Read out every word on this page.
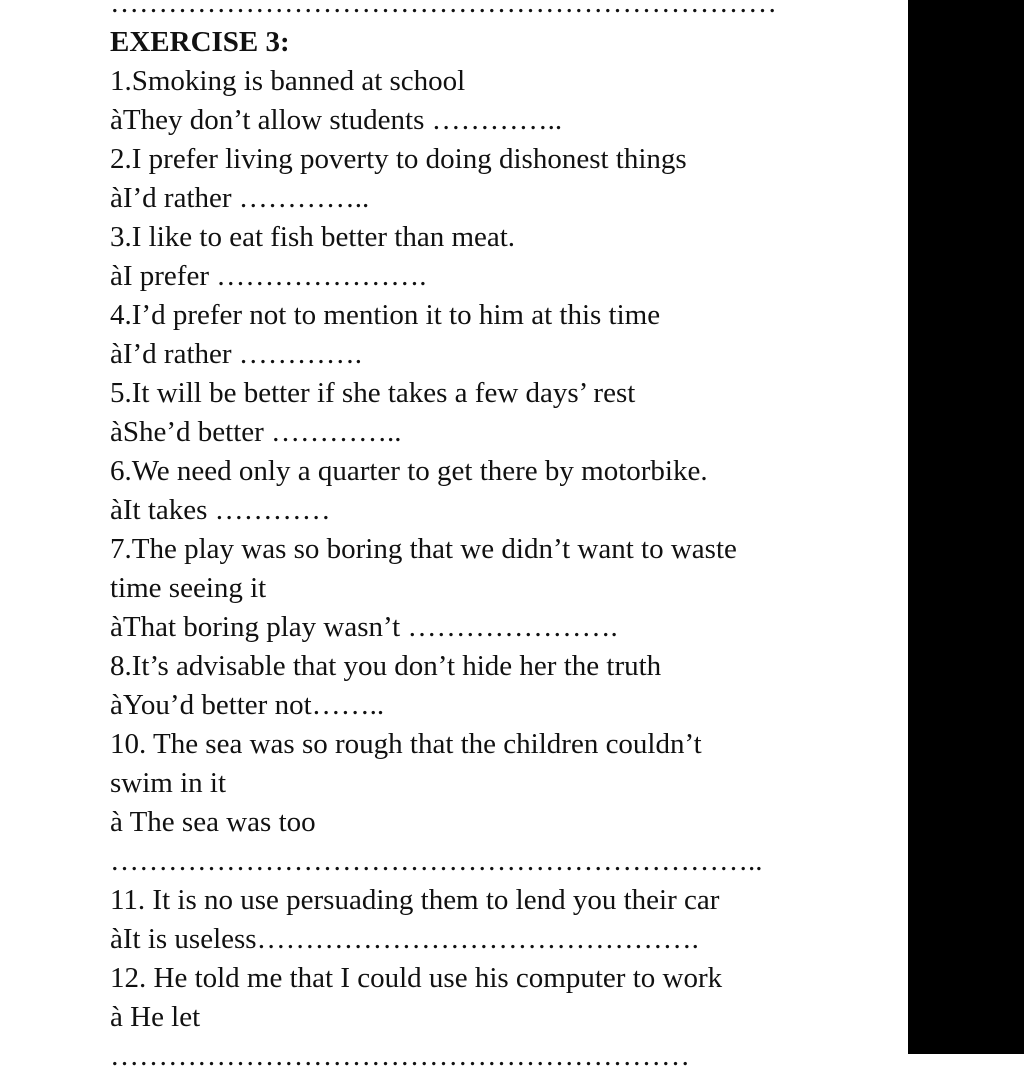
……………………………………………………………
EXERCISE 3:
1.Smoking is banned at school
àThey don’t allow students …………..
2.I prefer living poverty to doing dishonest things
àI’d rather …………..
3.I like to eat fish better than meat.
àI prefer ………………….
4.I’d prefer not to mention it to him at this time
àI’d rather ………….
5.It will be better if she takes a few days’ rest
àShe’d better …………..
6.We need only a quarter to get there by motorbike.
àIt takes …………
7.The play was so boring that we didn’t want to waste
time seeing it
àThat boring play wasn’t ………………….
8.It’s advisable that you don’t hide her the truth
àYou’d better not……..
10. The sea was so rough that the children couldn’t
swim in it
à The sea was too
…………………………………………………………..
11. It is no use persuading them to lend you their car
àIt is useless……………………………………….
12. He told me that I could use his computer to work
à He let
……………………………………………………
